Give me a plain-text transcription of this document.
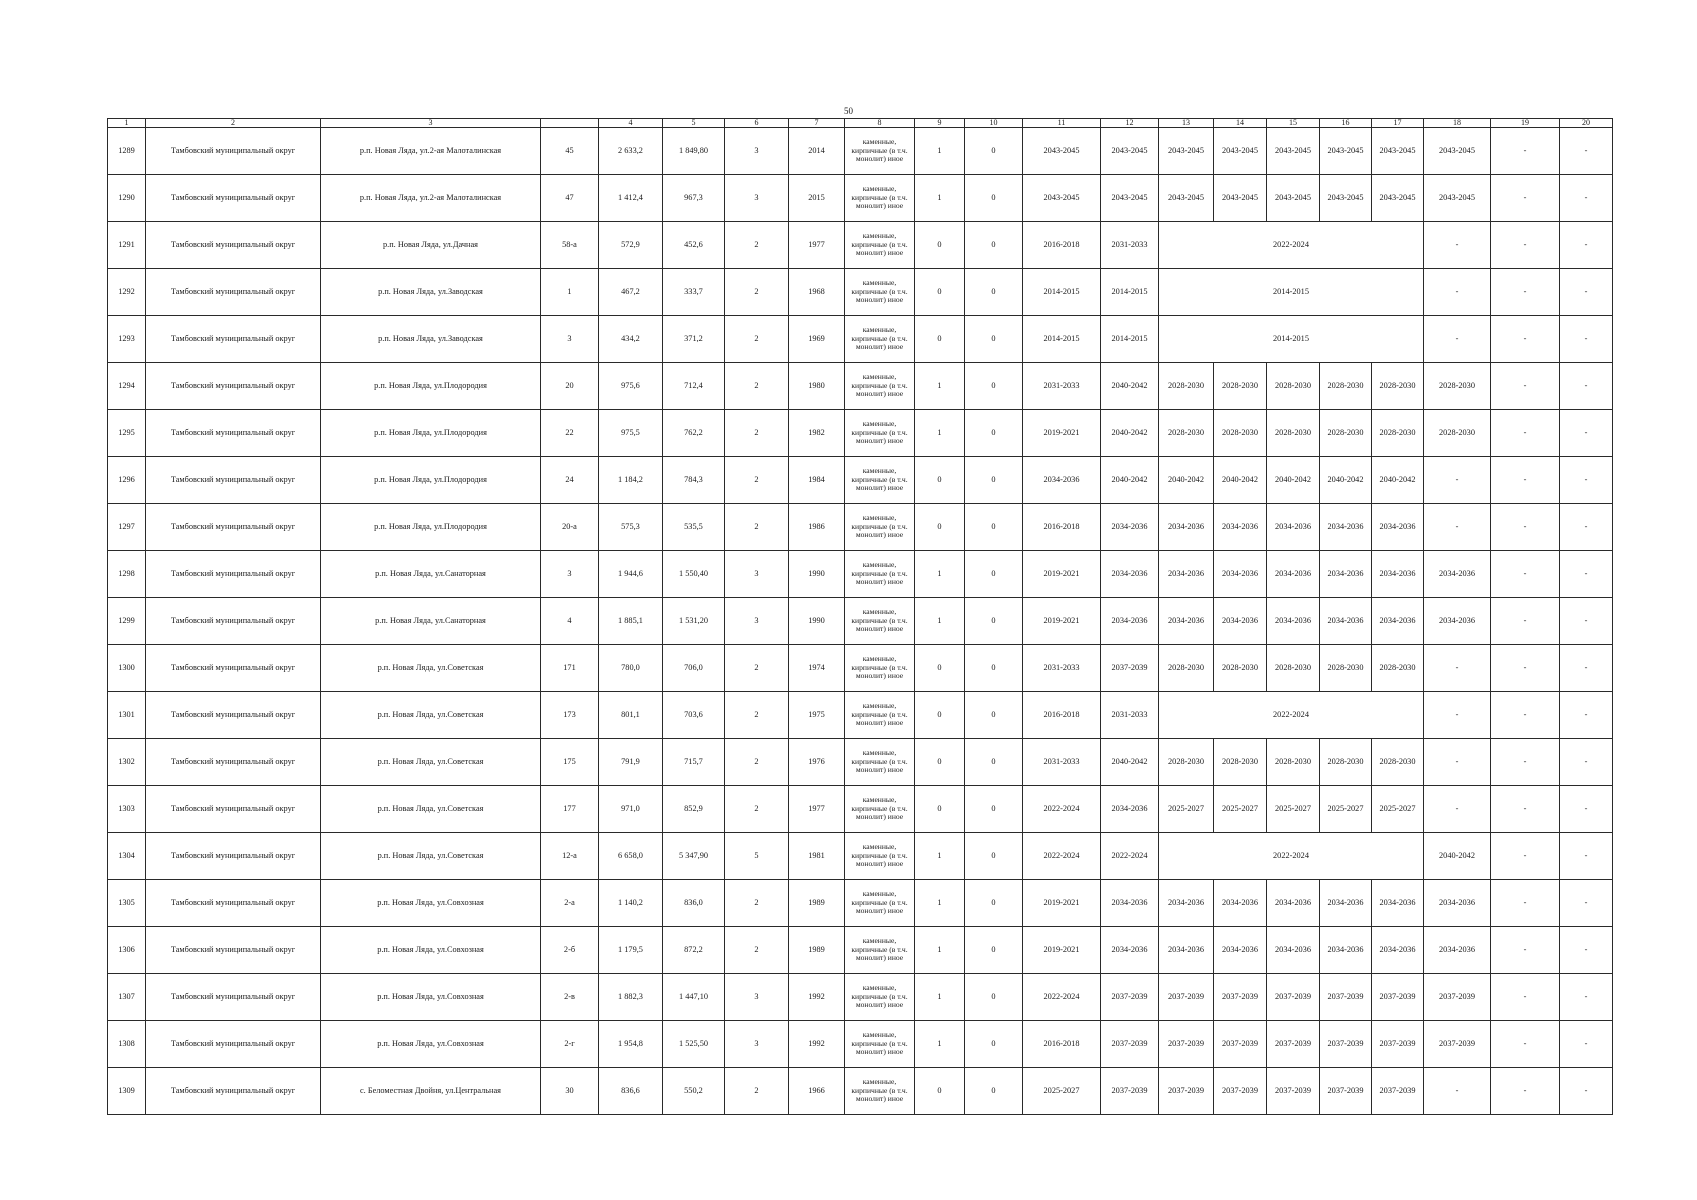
50
1	2	3		4	5	6	7	8	9	10	11	12	13	14	15	16	17	18	19	20
1289	Тамбовский муниципальный округ	р.п. Новая Ляда, ул.2-ая Малоталинская	45	2 633,2	1 849,80	3	2014	каменные, кирпичные (в т.ч. монолит) иное	1	0	2043-2045	2043-2045	2043-2045	2043-2045	2043-2045	2043-2045	2043-2045	2043-2045	-	-
1290	Тамбовский муниципальный округ	р.п. Новая Ляда, ул.2-ая Малоталинская	47	1 412,4	967,3	3	2015	каменные, кирпичные (в т.ч. монолит) иное	1	0	2043-2045	2043-2045	2043-2045	2043-2045	2043-2045	2043-2045	2043-2045	2043-2045	-	-
1291	Тамбовский муниципальный округ	р.п. Новая Ляда, ул.Дачная	58-а	572,9	452,6	2	1977	каменные, кирпичные (в т.ч. монолит) иное	0	0	2016-2018	2031-2033	2022-2024					-	-	-
1292	Тамбовский муниципальный округ	р.п. Новая Ляда, ул.Заводская	1	467,2	333,7	2	1968	каменные, кирпичные (в т.ч. монолит) иное	0	0	2014-2015	2014-2015	2014-2015					-	-	-
1293	Тамбовский муниципальный округ	р.п. Новая Ляда, ул.Заводская	3	434,2	371,2	2	1969	каменные, кирпичные (в т.ч. монолит) иное	0	0	2014-2015	2014-2015	2014-2015					-	-	-
1294	Тамбовский муниципальный округ	р.п. Новая Ляда, ул.Плодородия	20	975,6	712,4	2	1980	каменные, кирпичные (в т.ч. монолит) иное	1	0	2031-2033	2040-2042	2028-2030	2028-2030	2028-2030	2028-2030	2028-2030	2028-2030	-	-
1295	Тамбовский муниципальный округ	р.п. Новая Ляда, ул.Плодородия	22	975,5	762,2	2	1982	каменные, кирпичные (в т.ч. монолит) иное	1	0	2019-2021	2040-2042	2028-2030	2028-2030	2028-2030	2028-2030	2028-2030	2028-2030	-	-
1296	Тамбовский муниципальный округ	р.п. Новая Ляда, ул.Плодородия	24	1 184,2	784,3	2	1984	каменные, кирпичные (в т.ч. монолит) иное	0	0	2034-2036	2040-2042	2040-2042	2040-2042	2040-2042	2040-2042	2040-2042	-	-	-
1297	Тамбовский муниципальный округ	р.п. Новая Ляда, ул.Плодородия	20-а	575,3	535,5	2	1986	каменные, кирпичные (в т.ч. монолит) иное	0	0	2016-2018	2034-2036	2034-2036	2034-2036	2034-2036	2034-2036	2034-2036	-	-	-
1298	Тамбовский муниципальный округ	р.п. Новая Ляда, ул.Санаторная	3	1 944,6	1 550,40	3	1990	каменные, кирпичные (в т.ч. монолит) иное	1	0	2019-2021	2034-2036	2034-2036	2034-2036	2034-2036	2034-2036	2034-2036	2034-2036	-	-
1299	Тамбовский муниципальный округ	р.п. Новая Ляда, ул.Санаторная	4	1 885,1	1 531,20	3	1990	каменные, кирпичные (в т.ч. монолит) иное	1	0	2019-2021	2034-2036	2034-2036	2034-2036	2034-2036	2034-2036	2034-2036	2034-2036	-	-
1300	Тамбовский муниципальный округ	р.п. Новая Ляда, ул.Советская	171	780,0	706,0	2	1974	каменные, кирпичные (в т.ч. монолит) иное	0	0	2031-2033	2037-2039	2028-2030	2028-2030	2028-2030	2028-2030	2028-2030	-	-	-
1301	Тамбовский муниципальный округ	р.п. Новая Ляда, ул.Советская	173	801,1	703,6	2	1975	каменные, кирпичные (в т.ч. монолит) иное	0	0	2016-2018	2031-2033	2022-2024					-	-	-
1302	Тамбовский муниципальный округ	р.п. Новая Ляда, ул.Советская	175	791,9	715,7	2	1976	каменные, кирпичные (в т.ч. монолит) иное	0	0	2031-2033	2040-2042	2028-2030	2028-2030	2028-2030	2028-2030	2028-2030	-	-	-
1303	Тамбовский муниципальный округ	р.п. Новая Ляда, ул.Советская	177	971,0	852,9	2	1977	каменные, кирпичные (в т.ч. монолит) иное	0	0	2022-2024	2034-2036	2025-2027	2025-2027	2025-2027	2025-2027	2025-2027	-	-	-
1304	Тамбовский муниципальный округ	р.п. Новая Ляда, ул.Советская	12-а	6 658,0	5 347,90	5	1981	каменные, кирпичные (в т.ч. монолит) иное	1	0	2022-2024	2022-2024	2022-2024					2040-2042	-	-
1305	Тамбовский муниципальный округ	р.п. Новая Ляда, ул.Совхозная	2-а	1 140,2	836,0	2	1989	каменные, кирпичные (в т.ч. монолит) иное	1	0	2019-2021	2034-2036	2034-2036	2034-2036	2034-2036	2034-2036	2034-2036	2034-2036	-	-
1306	Тамбовский муниципальный округ	р.п. Новая Ляда, ул.Совхозная	2-б	1 179,5	872,2	2	1989	каменные, кирпичные (в т.ч. монолит) иное	1	0	2019-2021	2034-2036	2034-2036	2034-2036	2034-2036	2034-2036	2034-2036	2034-2036	-	-
1307	Тамбовский муниципальный округ	р.п. Новая Ляда, ул.Совхозная	2-в	1 882,3	1 447,10	3	1992	каменные, кирпичные (в т.ч. монолит) иное	1	0	2022-2024	2037-2039	2037-2039	2037-2039	2037-2039	2037-2039	2037-2039	2037-2039	-	-
1308	Тамбовский муниципальный округ	р.п. Новая Ляда, ул.Совхозная	2-г	1 954,8	1 525,50	3	1992	каменные, кирпичные (в т.ч. монолит) иное	1	0	2016-2018	2037-2039	2037-2039	2037-2039	2037-2039	2037-2039	2037-2039	2037-2039	-	-
1309	Тамбовский муниципальный округ	с. Беломестная Двойня, ул.Центральная	30	836,6	550,2	2	1966	каменные, кирпичные (в т.ч. монолит) иное	0	0	2025-2027	2037-2039	2037-2039	2037-2039	2037-2039	2037-2039	2037-2039	-	-	-
